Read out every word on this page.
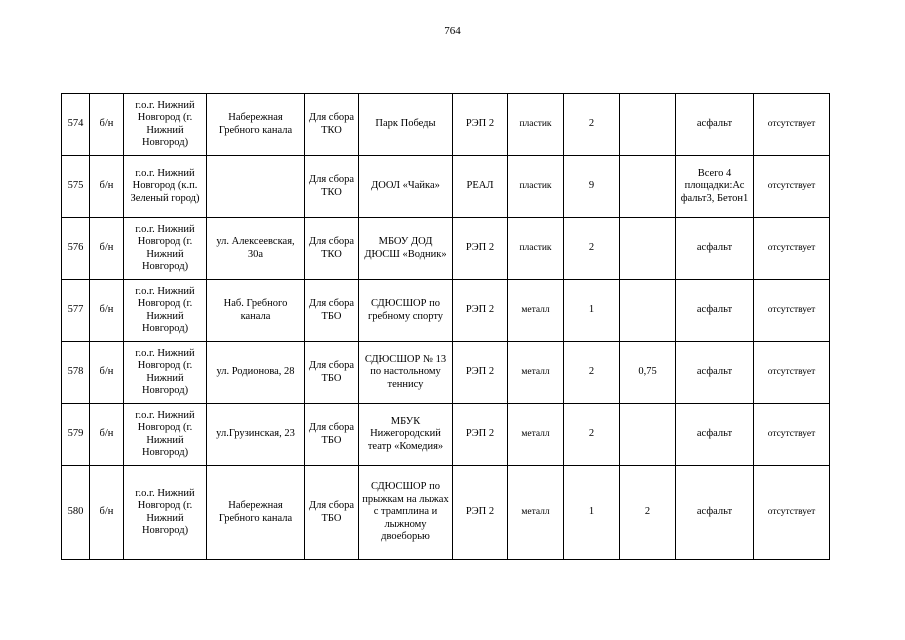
764
574	б/н	г.о.г. Нижний Новгород (г. Нижний Новгород)	Набережная Гребного канала	Для сбора ТКО	Парк Победы	РЭП 2	пластик	2		асфальт	отсутствует
575	б/н	г.о.г. Нижний Новгород (к.п. Зеленый город)		Для сбора ТКО	ДООЛ «Чайка»	РЕАЛ	пластик	9		Всего 4 площадки:Ас фальт3, Бетон1	отсутствует
576	б/н	г.о.г. Нижний Новгород (г. Нижний Новгород)	ул. Алексеевская, 30а	Для сбора ТКО	МБОУ ДОД ДЮСШ «Водник»	РЭП 2	пластик	2		асфальт	отсутствует
577	б/н	г.о.г. Нижний Новгород (г. Нижний Новгород)	Наб. Гребного канала	Для сбора ТБО	СДЮСШОР по гребному спорту	РЭП 2	металл	1		асфальт	отсутствует
578	б/н	г.о.г. Нижний Новгород (г. Нижний Новгород)	ул. Родионова, 28	Для сбора ТБО	СДЮСШОР № 13 по настольному теннису	РЭП 2	металл	2	0,75	асфальт	отсутствует
579	б/н	г.о.г. Нижний Новгород (г. Нижний Новгород)	ул.Грузинская, 23	Для сбора ТБО	МБУК Нижегородский театр «Комедия»	РЭП 2	металл	2		асфальт	отсутствует
580	б/н	г.о.г. Нижний Новгород (г. Нижний Новгород)	Набережная Гребного канала	Для сбора ТБО	СДЮСШОР по прыжкам на лыжах с трамплина и лыжному двоеборью	РЭП 2	металл	1	2	асфальт	отсутствует
